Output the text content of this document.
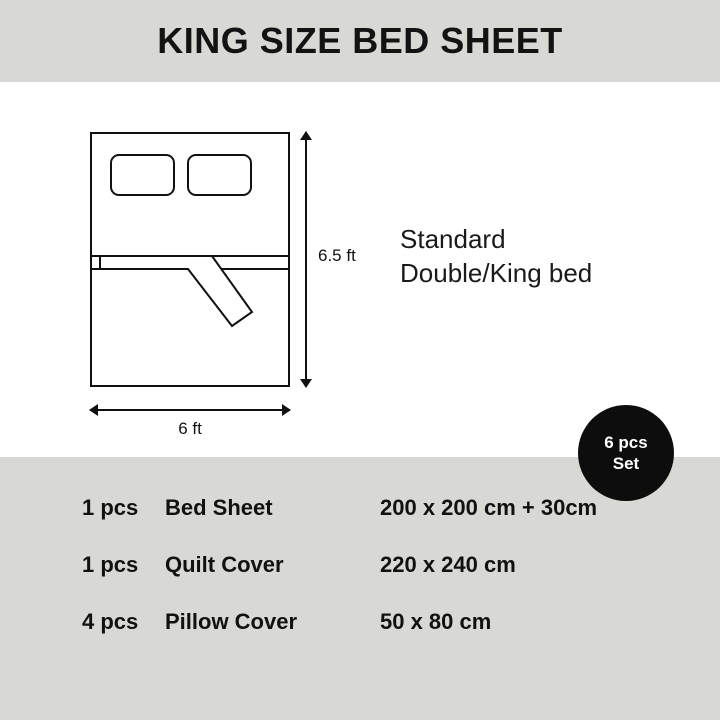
KING SIZE BED SHEET
6.5 ft
6 ft
Standard
Double/King bed
6 pcs
Set
1 pcs	Bed Sheet	200 x 200 cm + 30cm
1 pcs	Quilt Cover	220 x 240 cm
4 pcs	Pillow Cover	50 x 80 cm
